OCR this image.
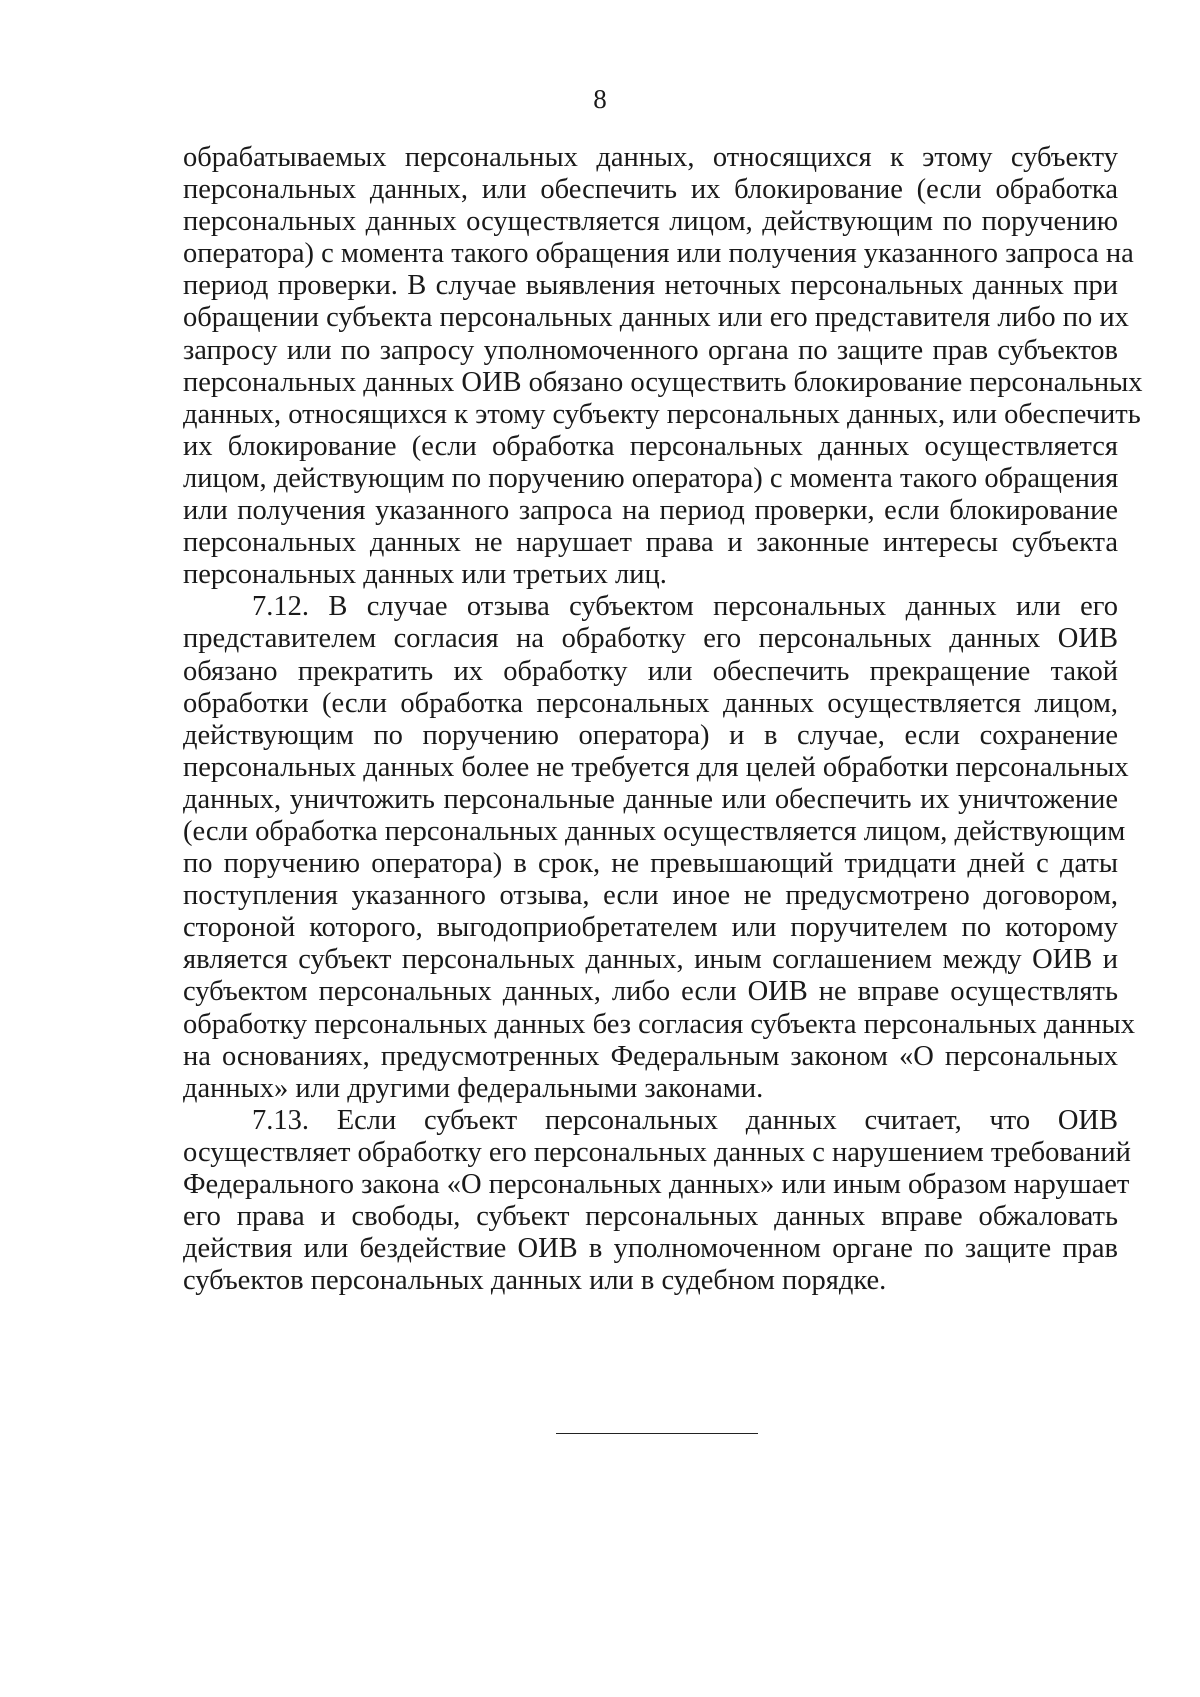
8

обрабатываемых персональных данных, относящихся к этому субъекту
персональных данных, или обеспечить их блокирование (если обработка
персональных данных осуществляется лицом, действующим по поручению
оператора) с момента такого обращения или получения указанного запроса на
период проверки. В случае выявления неточных персональных данных при
обращении субъекта персональных данных или его представителя либо по их
запросу или по запросу уполномоченного органа по защите прав субъектов
персональных данных ОИВ обязано осуществить блокирование персональных
данных, относящихся к этому субъекту персональных данных, или обеспечить
их блокирование (если обработка персональных данных осуществляется
лицом, действующим по поручению оператора) с момента такого обращения
или получения указанного запроса на период проверки, если блокирование
персональных данных не нарушает права и законные интересы субъекта
персональных данных или третьих лиц.

7.12. В случае отзыва субъектом персональных данных или его
представителем согласия на обработку его персональных данных ОИВ
обязано прекратить их обработку или обеспечить прекращение такой
обработки (если обработка персональных данных осуществляется лицом,
действующим по поручению оператора) и в случае, если сохранение
персональных данных более не требуется для целей обработки персональных
данных, уничтожить персональные данные или обеспечить их уничтожение
(если обработка персональных данных осуществляется лицом, действующим
по поручению оператора) в срок, не превышающий тридцати дней с даты
поступления указанного отзыва, если иное не предусмотрено договором,
стороной которого, выгодоприобретателем или поручителем по которому
является субъект персональных данных, иным соглашением между ОИВ и
субъектом персональных данных, либо если ОИВ не вправе осуществлять
обработку персональных данных без согласия субъекта персональных данных
на основаниях, предусмотренных Федеральным законом «О персональных
данных» или другими федеральными законами.

7.13. Если субъект персональных данных считает, что ОИВ
осуществляет обработку его персональных данных с нарушением требований
Федерального закона «О персональных данных» или иным образом нарушает
его права и свободы, субъект персональных данных вправе обжаловать
действия или бездействие ОИВ в уполномоченном органе по защите прав
субъектов персональных данных или в судебном порядке.
